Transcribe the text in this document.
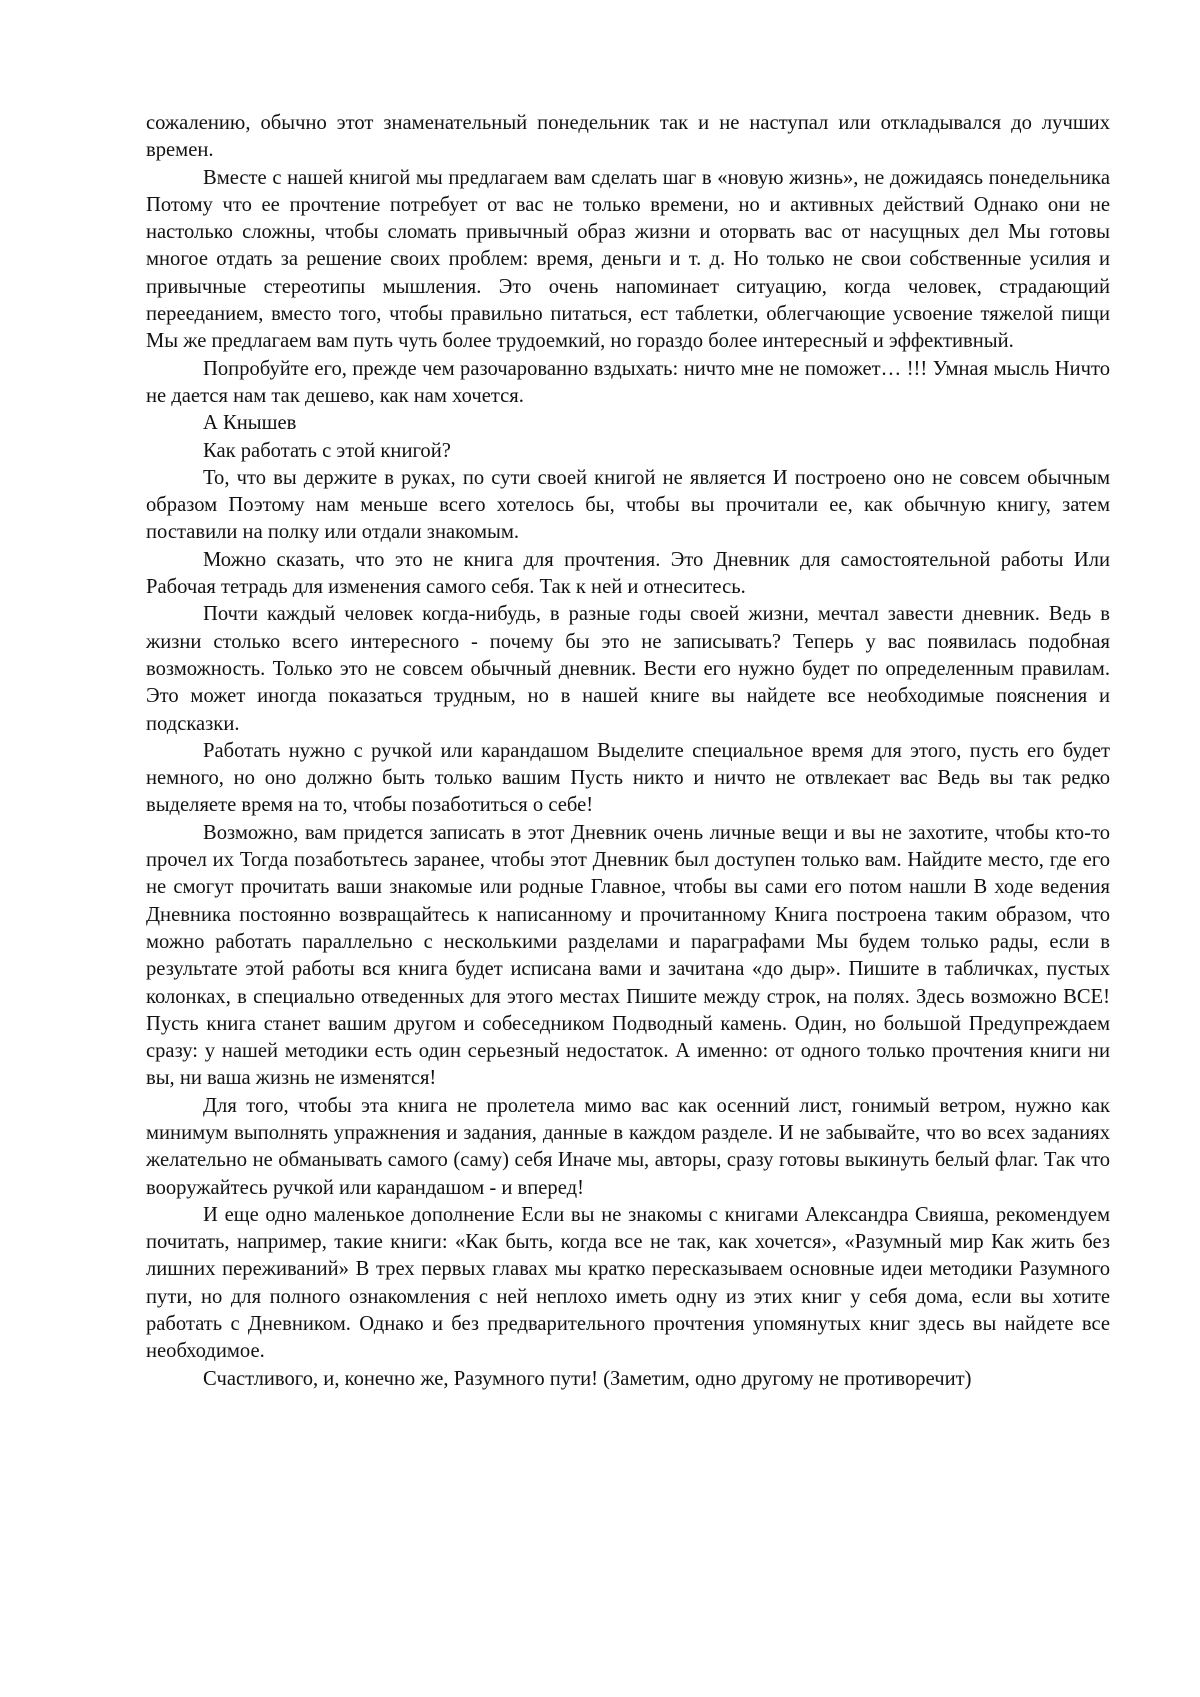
сожалению, обычно этот знаменательный понедельник так и не наступал или откладывался до лучших времен.

Вместе с нашей книгой мы предлагаем вам сделать шаг в «новую жизнь», не дожидаясь понедельника Потому что ее прочтение потребует от вас не только времени, но и активных действий Однако они не настолько сложны, чтобы сломать привычный образ жизни и оторвать вас от насущных дел Мы готовы многое отдать за решение своих проблем: время, деньги и т. д. Но только не свои собственные усилия и привычные стереотипы мышления. Это очень напоминает ситуацию, когда человек, страдающий перееданием, вместо того, чтобы правильно питаться, ест таблетки, облегчающие усвоение тяжелой пищи Мы же предлагаем вам путь чуть более трудоемкий, но гораздо более интересный и эффективный.

Попробуйте его, прежде чем разочарованно вздыхать: ничто мне не поможет… !!! Умная мысль Ничто не дается нам так дешево, как нам хочется.

А Кнышев

Как работать с этой книгой?

То, что вы держите в руках, по сути своей книгой не является И построено оно не совсем обычным образом Поэтому нам меньше всего хотелось бы, чтобы вы прочитали ее, как обычную книгу, затем поставили на полку или отдали знакомым.

Можно сказать, что это не книга для прочтения. Это Дневник для самостоятельной работы Или Рабочая тетрадь для изменения самого себя. Так к ней и отнеситесь.

Почти каждый человек когда-нибудь, в разные годы своей жизни, мечтал завести дневник. Ведь в жизни столько всего интересного - почему бы это не записывать? Теперь у вас появилась подобная возможность. Только это не совсем обычный дневник. Вести его нужно будет по определенным правилам. Это может иногда показаться трудным, но в нашей книге вы найдете все необходимые пояснения и подсказки.

Работать нужно с ручкой или карандашом Выделите специальное время для этого, пусть его будет немного, но оно должно быть только вашим Пусть никто и ничто не отвлекает вас Ведь вы так редко выделяете время на то, чтобы позаботиться о себе!

Возможно, вам придется записать в этот Дневник очень личные вещи и вы не захотите, чтобы кто-то прочел их Тогда позаботьтесь заранее, чтобы этот Дневник был доступен только вам. Найдите место, где его не смогут прочитать ваши знакомые или родные Главное, чтобы вы сами его потом нашли В ходе ведения Дневника постоянно возвращайтесь к написанному и прочитанному Книга построена таким образом, что можно работать параллельно с несколькими разделами и параграфами Мы будем только рады, если в результате этой работы вся книга будет исписана вами и зачитана «до дыр». Пишите в табличках, пустых колонках, в специально отведенных для этого местах Пишите между строк, на полях. Здесь возможно ВСЕ! Пусть книга станет вашим другом и собеседником Подводный камень. Один, но большой Предупреждаем сразу: у нашей методики есть один серьезный недостаток. А именно: от одного только прочтения книги ни вы, ни ваша жизнь не изменятся!

Для того, чтобы эта книга не пролетела мимо вас как осенний лист, гонимый ветром, нужно как минимум выполнять упражнения и задания, данные в каждом разделе. И не забывайте, что во всех заданиях желательно не обманывать самого (саму) себя Иначе мы, авторы, сразу готовы выкинуть белый флаг. Так что вооружайтесь ручкой или карандашом - и вперед!

И еще одно маленькое дополнение Если вы не знакомы с книгами Александра Свияша, рекомендуем почитать, например, такие книги: «Как быть, когда все не так, как хочется», «Разумный мир Как жить без лишних переживаний» В трех первых главах мы кратко пересказываем основные идеи методики Разумного пути, но для полного ознакомления с ней неплохо иметь одну из этих книг у себя дома, если вы хотите работать с Дневником. Однако и без предварительного прочтения упомянутых книг здесь вы найдете все необходимое.

Счастливого, и, конечно же, Разумного пути! (Заметим, одно другому не противоречит)
